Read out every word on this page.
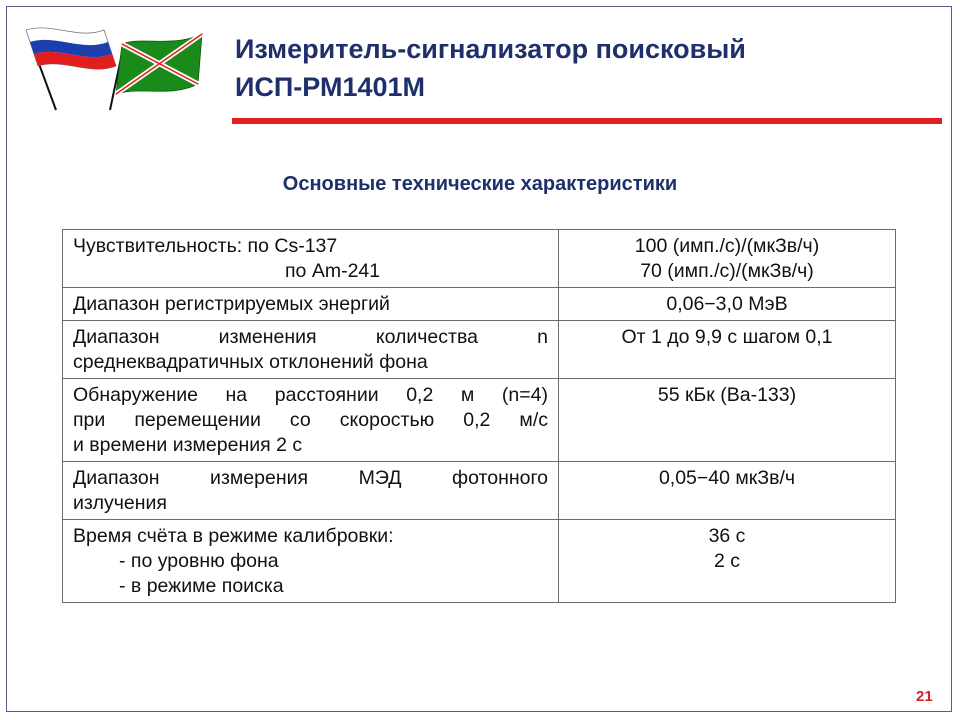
Измеритель-сигнализатор поисковый
ИСП-РМ1401М
Основные технические характеристики
Чувствительность: по Cs-137
по Am-241	100 (имп./с)/(мкЗв/ч)
70 (имп./с)/(мкЗв/ч)

Диапазон регистрируемых энергий	0,06−3,0 МэВ

Диапазон изменения количества n
среднеквадратичных отклонений фона	От 1 до 9,9 с шагом 0,1

Обнаружение на расстоянии 0,2 м (n=4)
при перемещении со скоростью 0,2 м/с
и времени измерения 2 с	55 кБк (Ва-133)

Диапазон измерения МЭД фотонного
излучения	0,05−40 мкЗв/ч

Время счёта в режиме калибровки:
- по уровню фона
- в режиме поиска	36 с
2 с
21
